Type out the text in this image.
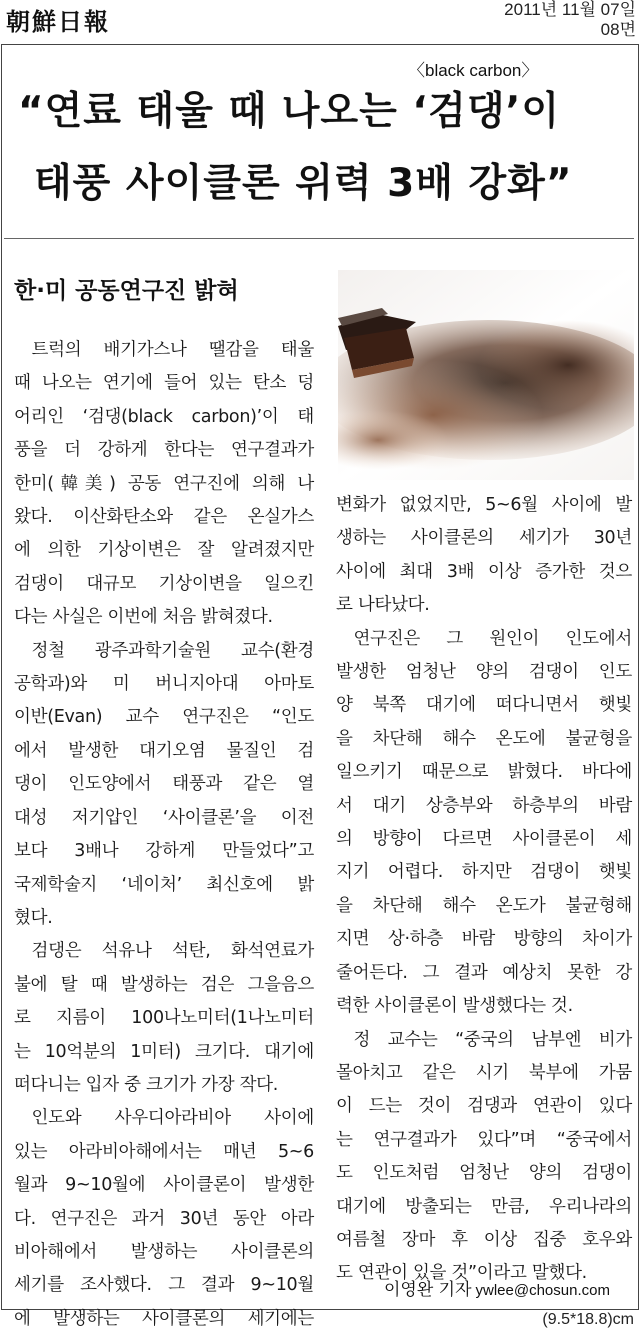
朝鮮日報	2011년 11월 07일
08면
〈black carbon〉
“연료 태울 때 나오는 ‘검댕’이
태풍 사이클론 위력 3배 강화”
한·미 공동연구진 밝혀
트럭의 배기가스나 땔감을 태울
때 나오는 연기에 들어 있는 탄소 덩
어리인 ‘검댕(black carbon)’이 태
풍을 더 강하게 한다는 연구결과가
한미(韓美) 공동 연구진에 의해 나
왔다. 이산화탄소와 같은 온실가스
에 의한 기상이변은 잘 알려졌지만
검댕이 대규모 기상이변을 일으킨
다는 사실은 이번에 처음 밝혀졌다.
정철 광주과학기술원 교수(환경
공학과)와 미 버니지아대 아마토
이반(Evan) 교수 연구진은 “인도
에서 발생한 대기오염 물질인 검
댕이 인도양에서 태풍과 같은 열
대성 저기압인 ‘사이클론’을 이전
보다 3배나 강하게 만들었다”고
국제학술지 ‘네이처’ 최신호에 밝
혔다.
검댕은 석유나 석탄, 화석연료가
불에 탈 때 발생하는 검은 그을음으
로 지름이 100나노미터(1나노미터
는 10억분의 1미터) 크기다. 대기에
떠다니는 입자 중 크기가 가장 작다.
인도와 사우디아라비아 사이에
있는 아라비아해에서는 매년 5~6
월과 9~10월에 사이클론이 발생한
다. 연구진은 과거 30년 동안 아라
비아해에서 발생하는 사이클론의
세기를 조사했다. 그 결과 9~10월
에 발생하는 사이클론의 세기에는
변화가 없었지만, 5~6월 사이에 발
생하는 사이클론의 세기가 30년
사이에 최대 3배 이상 증가한 것으
로 나타났다.
연구진은 그 원인이 인도에서
발생한 엄청난 양의 검댕이 인도
양 북쪽 대기에 떠다니면서 햇빛
을 차단해 해수 온도에 불균형을
일으키기 때문으로 밝혔다. 바다에
서 대기 상층부와 하층부의 바람
의 방향이 다르면 사이클론이 세
지기 어렵다. 하지만 검댕이 햇빛
을 차단해 해수 온도가 불균형해
지면 상·하층 바람 방향의 차이가
줄어든다. 그 결과 예상치 못한 강
력한 사이클론이 발생했다는 것.
정 교수는 “중국의 남부엔 비가
몰아치고 같은 시기 북부에 가뭄
이 드는 것이 검댕과 연관이 있다
는 연구결과가 있다”며 “중국에서
도 인도처럼 엄청난 양의 검댕이
대기에 방출되는 만큼, 우리나라의
여름철 장마 후 이상 집중 호우와
도 연관이 있을 것”이라고 말했다.
이영완 기자 ywlee@chosun.com
(9.5*18.8)cm
